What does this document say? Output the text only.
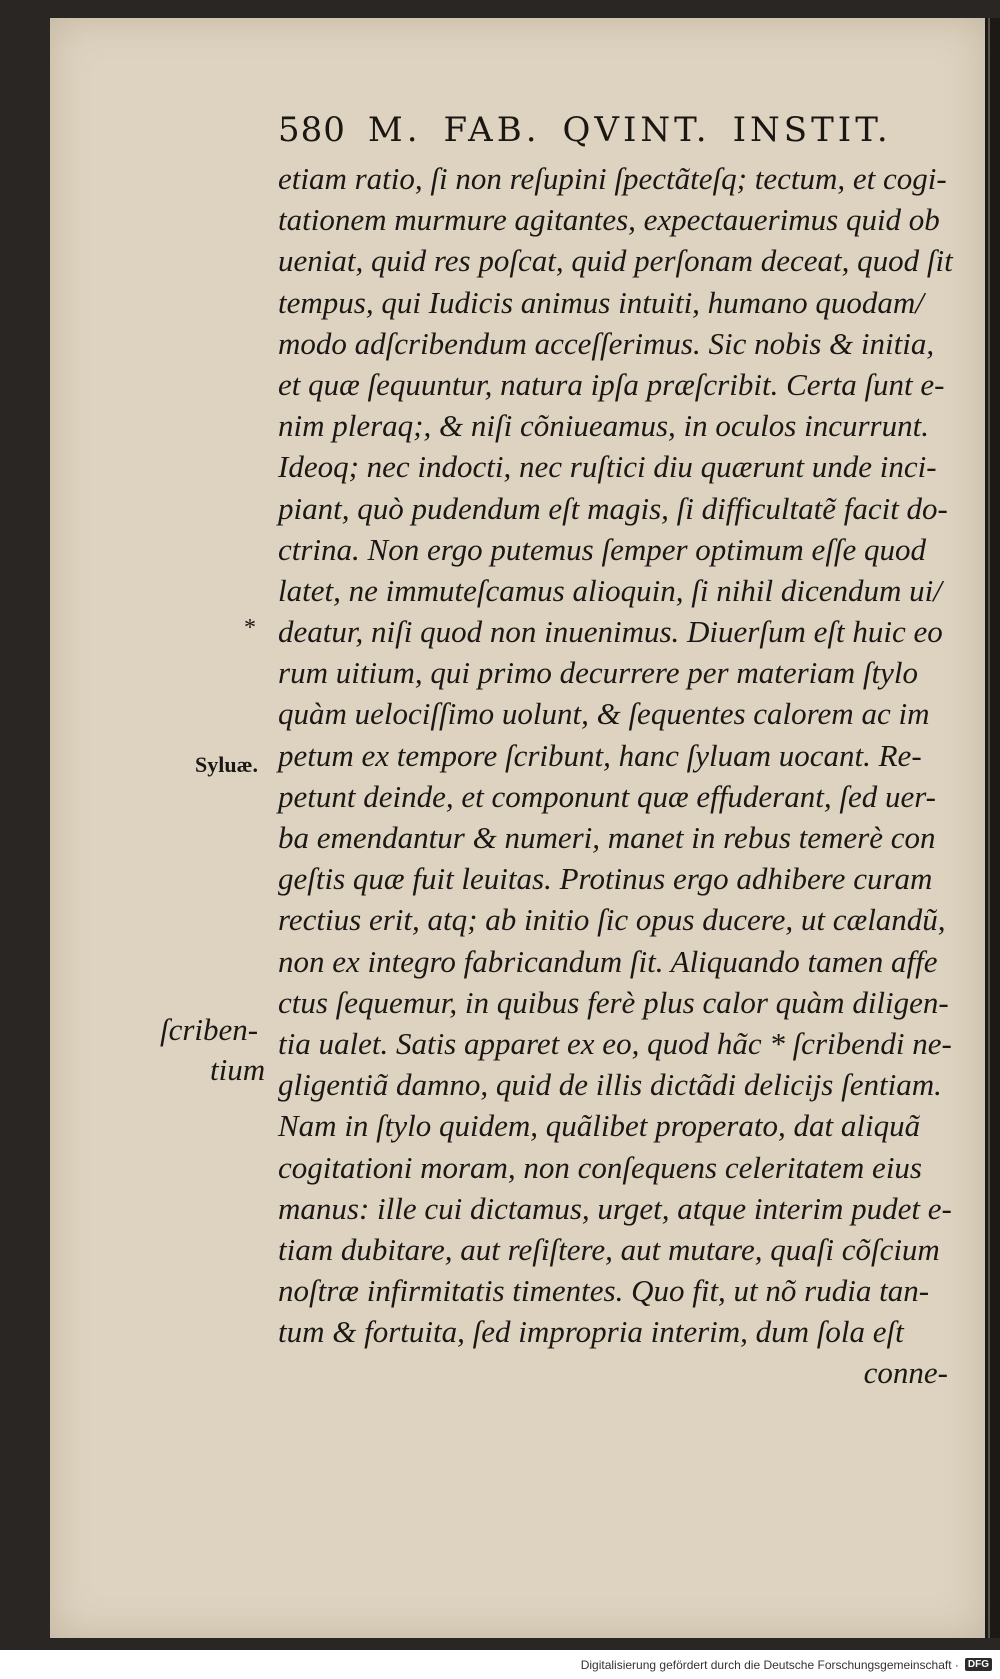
580 M. FAB. QVINT. INSTIT.
etiam ratio, ſi non reſupini ſpectãteſq; tectum, et cogi-
tationem murmure agitantes, expectauerimus quid ob
ueniat, quid res poſcat, quid perſonam deceat, quod ſit
tempus, qui Iudicis animus intuiti, humano quodam/
modo adſcribendum acceſſerimus. Sic nobis & initia,
et quæ ſequuntur, natura ipſa præſcribit. Certa ſunt e-
nim pleraq;, & niſi cõniueamus, in oculos incurrunt.
Ideoq; nec indocti, nec ruſtici diu quærunt unde inci-
piant, quò pudendum eſt magis, ſi difficultatẽ facit do-
ctrina. Non ergo putemus ſemper optimum eſſe quod
latet, ne immuteſcamus alioquin, ſi nihil dicendum ui/
deatur, niſi quod non inuenimus. Diuerſum eſt huic eo
rum uitium, qui primo decurrere per materiam ſtylo
quàm uelociſſimo uolunt, & ſequentes calorem ac im
petum ex tempore ſcribunt, hanc ſyluam uocant. Re-
petunt deinde, et componunt quæ effuderant, ſed uer-
ba emendantur & numeri, manet in rebus temerè con
geſtis quæ fuit leuitas. Protinus ergo adhibere curam
rectius erit, atq; ab initio ſic opus ducere, ut cælandũ,
non ex integro fabricandum ſit. Aliquando tamen affe
ctus ſequemur, in quibus ferè plus calor quàm diligen-
tia ualet. Satis apparet ex eo, quod hãc * ſcribendi ne-
gligentiã damno, quid de illis dictãdi delicijs ſentiam.
Nam in ſtylo quidem, quãlibet properato, dat aliquã
cogitationi moram, non conſequens celeritatem eius
manus: ille cui dictamus, urget, atque interim pudet e-
tiam dubitare, aut reſiſtere, aut mutare, quaſi cõſcium
noſtræ infirmitatis timentes. Quo fit, ut nõ rudia tan-
tum & fortuita, ſed impropria interim, dum ſola eſt
conne-
*
Syluæ.
ſcriben-
tium
Digitalisierung gefördert durch die Deutsche Forschungsgemeinschaft · DFG
